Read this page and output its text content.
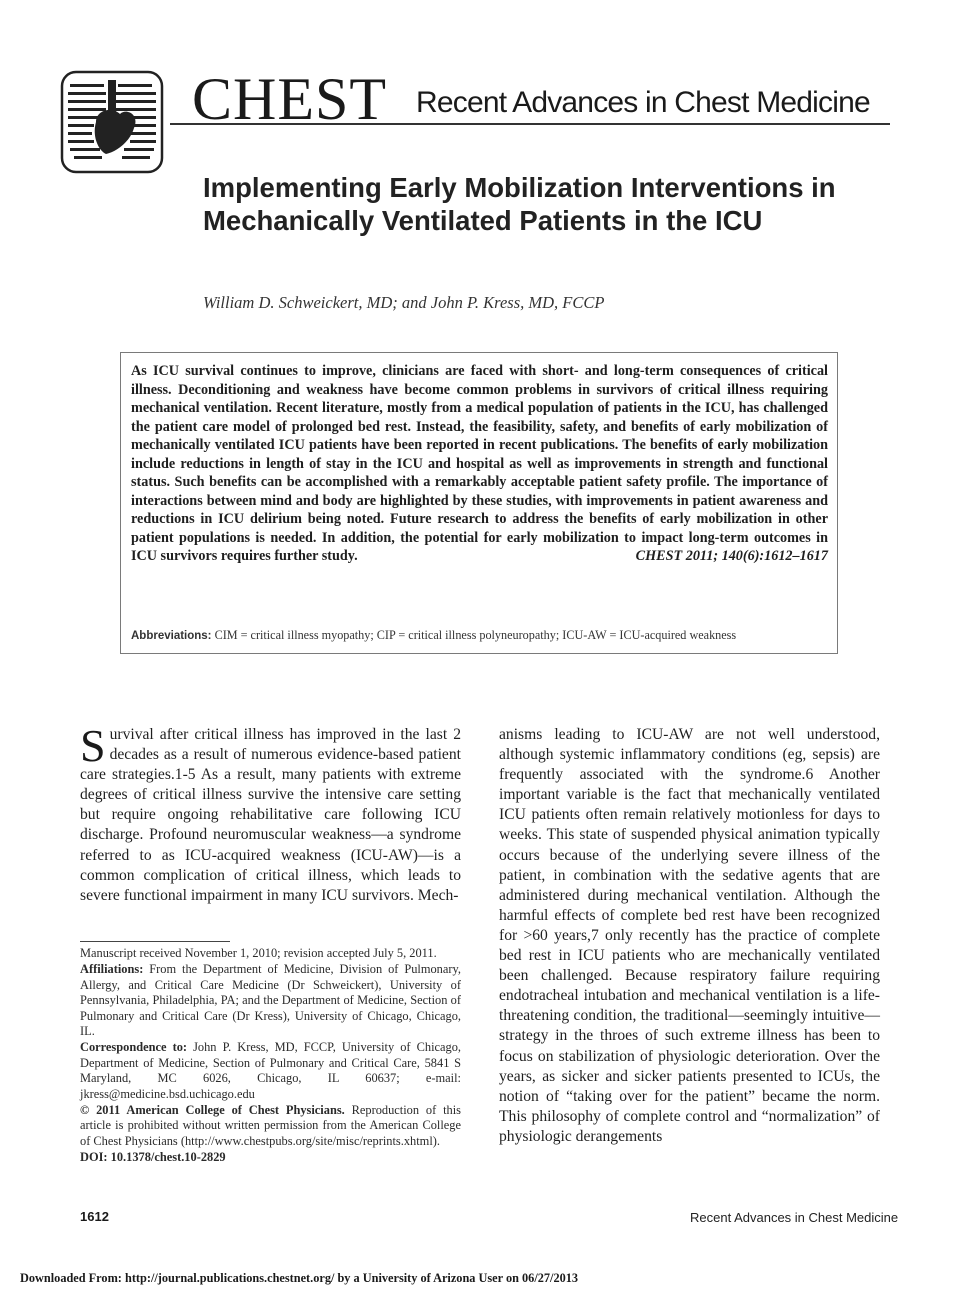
CHEST Recent Advances in Chest Medicine
Implementing Early Mobilization Interventions in Mechanically Ventilated Patients in the ICU
William D. Schweickert, MD; and John P. Kress, MD, FCCP
As ICU survival continues to improve, clinicians are faced with short- and long-term consequences of critical illness. Deconditioning and weakness have become common problems in survivors of critical illness requiring mechanical ventilation. Recent literature, mostly from a medical population of patients in the ICU, has challenged the patient care model of prolonged bed rest. Instead, the feasibility, safety, and benefits of early mobilization of mechanically ventilated ICU patients have been reported in recent publications. The benefits of early mobilization include reductions in length of stay in the ICU and hospital as well as improvements in strength and functional status. Such benefits can be accomplished with a remarkably acceptable patient safety profile. The importance of interactions between mind and body are highlighted by these studies, with improvements in patient awareness and reductions in ICU delirium being noted. Future research to address the benefits of early mobilization in other patient populations is needed. In addition, the potential for early mobilization to impact long-term outcomes in ICU survivors requires further study.	CHEST 2011; 140(6):1612–1617
Abbreviations: CIM = critical illness myopathy; CIP = critical illness polyneuropathy; ICU-AW = ICU-acquired weakness
Survival after critical illness has improved in the last 2 decades as a result of numerous evidence-based patient care strategies.1-5 As a result, many patients with extreme degrees of critical illness survive the intensive care setting but require ongoing rehabilitative care following ICU discharge. Profound neuromuscular weakness—a syndrome referred to as ICU-acquired weakness (ICU-AW)—is a common complication of critical illness, which leads to severe functional impairment in many ICU survivors. Mech-
anisms leading to ICU-AW are not well understood, although systemic inflammatory conditions (eg, sepsis) are frequently associated with the syndrome.6 Another important variable is the fact that mechanically ventilated ICU patients often remain relatively motionless for days to weeks. This state of suspended physical animation typically occurs because of the underlying severe illness of the patient, in combination with the sedative agents that are administered during mechanical ventilation. Although the harmful effects of complete bed rest have been recognized for >60 years,7 only recently has the practice of complete bed rest in ICU patients who are mechanically ventilated been challenged. Because respiratory failure requiring endotracheal intubation and mechanical ventilation is a life-threatening condition, the traditional—seemingly intuitive—strategy in the throes of such extreme illness has been to focus on stabilization of physiologic deterioration. Over the years, as sicker and sicker patients presented to ICUs, the notion of “taking over for the patient” became the norm. This philosophy of complete control and “normalization” of physiologic derangements

Manuscript received November 1, 2010; revision accepted July 5, 2011.

Affiliations: From the Department of Medicine, Division of Pulmonary, Allergy, and Critical Care Medicine (Dr Schweickert), University of Pennsylvania, Philadelphia, PA; and the Department of Medicine, Section of Pulmonary and Critical Care (Dr Kress), University of Chicago, Chicago, IL.

Correspondence to: John P. Kress, MD, FCCP, University of Chicago, Department of Medicine, Section of Pulmonary and Critical Care, 5841 S Maryland, MC 6026, Chicago, IL 60637; e-mail: jkress@medicine.bsd.uchicago.edu

© 2011 American College of Chest Physicians. Reproduction of this article is prohibited without written permission from the American College of Chest Physicians (http://www.chestpubs.org/site/misc/reprints.xhtml).

DOI: 10.1378/chest.10-2829

1612	Recent Advances in Chest Medicine
Downloaded From: http://journal.publications.chestnet.org/ by a University of Arizona User on 06/27/2013
